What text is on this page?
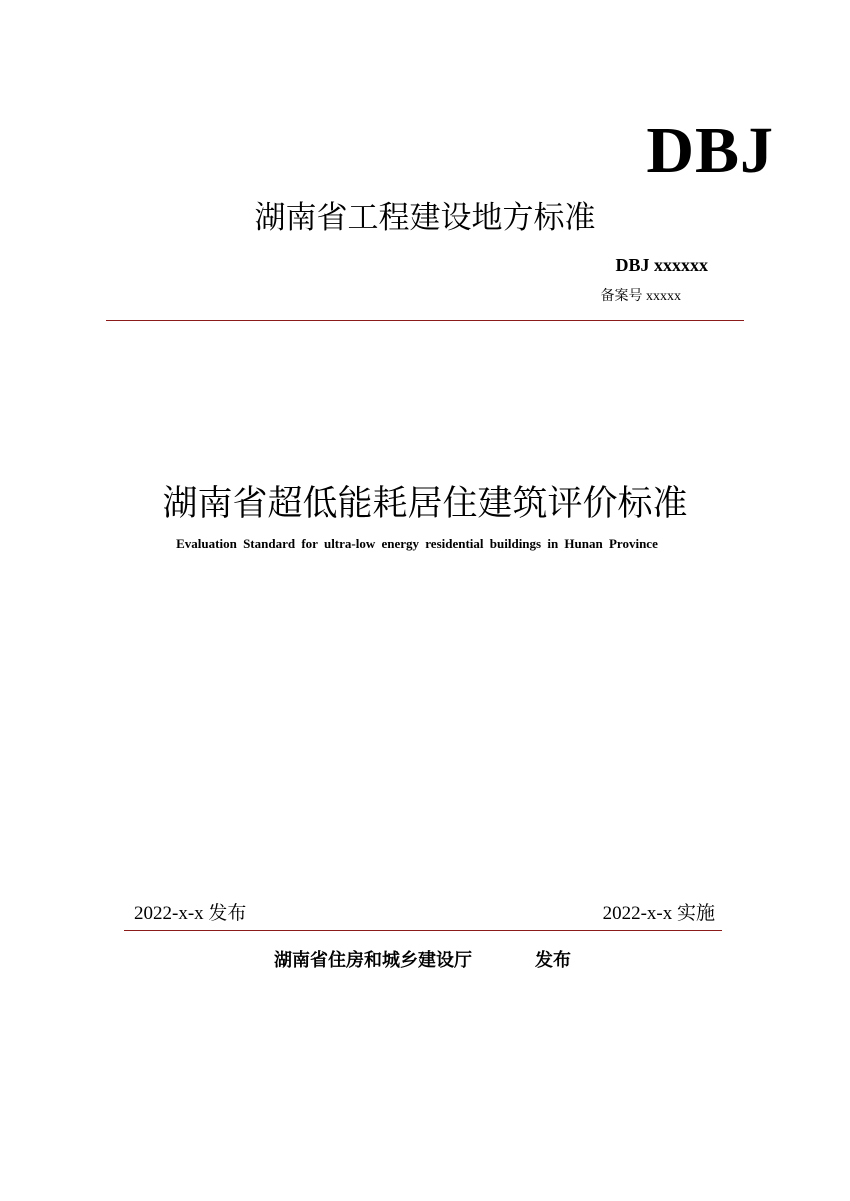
DBJ
湖南省工程建设地方标准
DBJ xxxxxx
备案号 xxxxx
湖南省超低能耗居住建筑评价标准
Evaluation Standard for ultra-low energy residential buildings in Hunan Province
2022-x-x 发布	2022-x-x 实施
湖南省住房和城乡建设厅	发布
